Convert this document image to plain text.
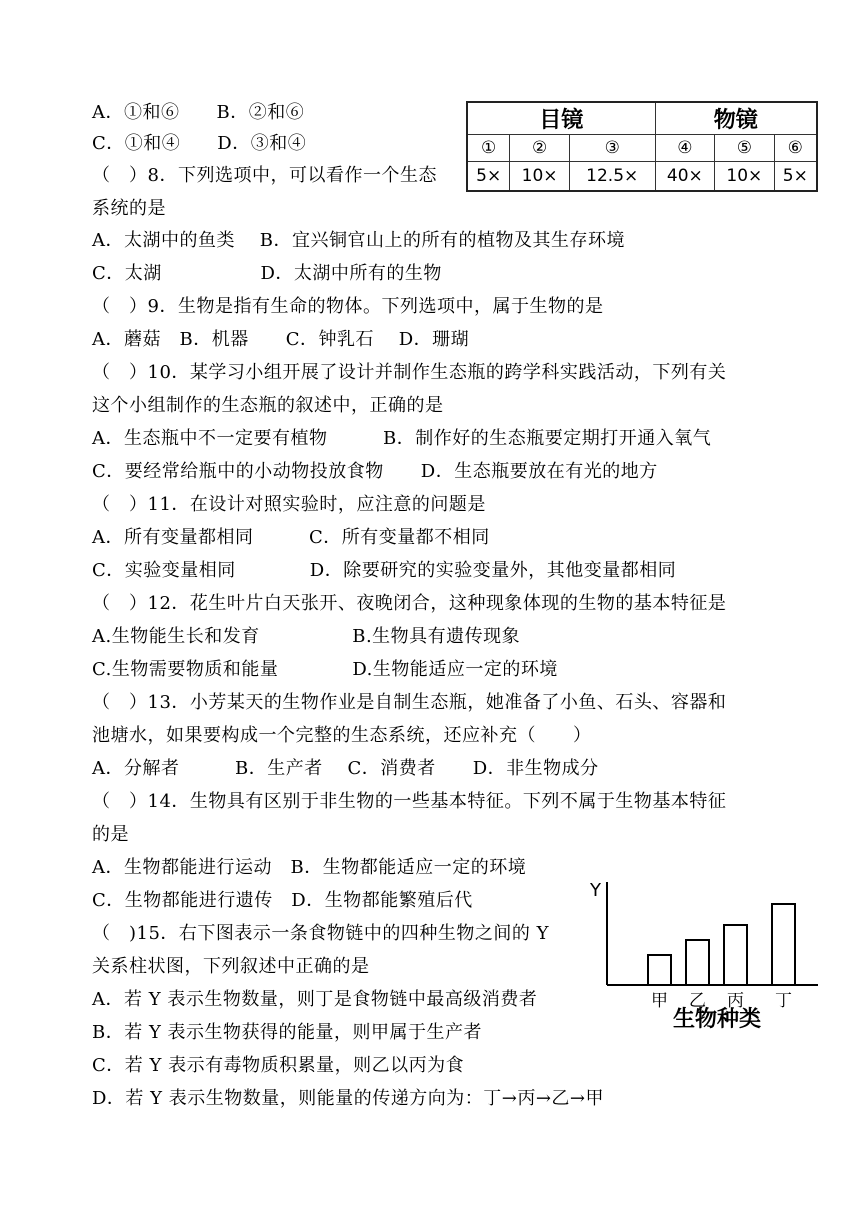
目镜			物镜		
①	②	③	④	⑤	⑥
5×	10×	12.5×	40×	10×	5×
A．①和⑥　　B．②和⑥
C．①和④　　D．③和④
（　）8．下列选项中，可以看作一个生态
系统的是
A．太湖中的鱼类　 B．宜兴铜官山上的所有的植物及其生存环境
C．太湖　　　　　 D．太湖中所有的生物
（　）9．生物是指有生命的物体。下列选项中，属于生物的是
A．蘑菇　B．机器　　C．钟乳石　 D．珊瑚
（　）10．某学习小组开展了设计并制作生态瓶的跨学科实践活动，下列有关
这个小组制作的生态瓶的叙述中，正确的是
A．生态瓶中不一定要有植物　　　B．制作好的生态瓶要定期打开通入氧气
C．要经常给瓶中的小动物投放食物　　D．生态瓶要放在有光的地方
（　）11．在设计对照实验时，应注意的问题是
A．所有变量都相同　　　C．所有变量都不相同
C．实验变量相同　　　　D．除要研究的实验变量外，其他变量都相同
（　）12．花生叶片白天张开、夜晚闭合，这种现象体现的生物的基本特征是
A.生物能生长和发育　　　　　B.生物具有遗传现象
C.生物需要物质和能量　　　　D.生物能适应一定的环境
（　）13．小芳某天的生物作业是自制生态瓶，她准备了小鱼、石头、容器和
池塘水，如果要构成一个完整的生态系统，还应补充（　　）
A．分解者　　　B．生产者　 C．消费者　　D．非生物成分
（　）14．生物具有区别于非生物的一些基本特征。下列不属于生物基本特征
的是
A．生物都能进行运动　B．生物都能适应一定的环境
C．生物都能进行遗传　D．生物都能繁殖后代
（　)15．右下图表示一条食物链中的四种生物之间的 Y
关系柱状图，下列叙述中正确的是
A．若 Y 表示生物数量，则丁是食物链中最高级消费者
B．若 Y 表示生物获得的能量，则甲属于生产者
C．若 Y 表示有毒物质积累量，则乙以丙为食
D．若 Y 表示生物数量，则能量的传递方向为：丁→丙→乙→甲
Y
甲 乙 丙 丁
生物种类
